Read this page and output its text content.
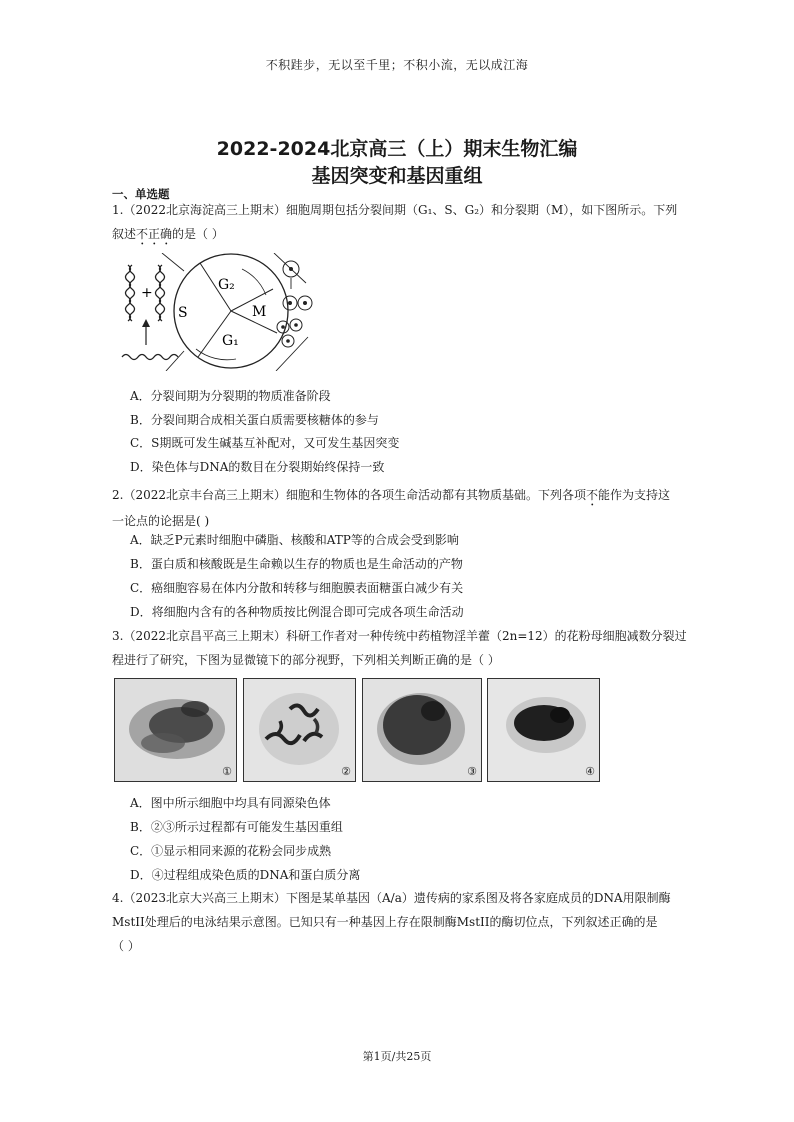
不积跬步，无以至千里；不积小流，无以成江海
2022-2024北京高三（上）期末生物汇编
基因突变和基因重组
一、单选题
1.（2022北京海淀高三上期末）细胞周期包括分裂间期（G₁、S、G₂）和分裂期（M），如下图所示。下列
叙述不正确的是（ ）
+	G₂
S	M
G₁
A．分裂间期为分裂期的物质准备阶段
B．分裂间期合成相关蛋白质需要核糖体的参与
C．S期既可发生碱基互补配对，又可发生基因突变
D．染色体与DNA的数目在分裂期始终保持一致
2.（2022北京丰台高三上期末）细胞和生物体的各项生命活动都有其物质基础。下列各项不能作为支持这
一论点的论据是( )
A．缺乏P元素时细胞中磷脂、核酸和ATP等的合成会受到影响
B．蛋白质和核酸既是生命赖以生存的物质也是生命活动的产物
C．癌细胞容易在体内分散和转移与细胞膜表面糖蛋白减少有关
D．将细胞内含有的各种物质按比例混合即可完成各项生命活动
3.（2022北京昌平高三上期末）科研工作者对一种传统中药植物淫羊藿（2n=12）的花粉母细胞减数分裂过
程进行了研究，下图为显微镜下的部分视野，下列相关判断正确的是（ ）
①	②	③	④
A．图中所示细胞中均具有同源染色体
B．②③所示过程都有可能发生基因重组
C．①显示相同来源的花粉会同步成熟
D．④过程组成染色质的DNA和蛋白质分离
4.（2023北京大兴高三上期末）下图是某单基因（A/a）遗传病的家系图及将各家庭成员的DNA用限制酶
MstII处理后的电泳结果示意图。已知只有一种基因上存在限制酶MstII的酶切位点，下列叙述正确的是
（ ）
第1页/共25页
